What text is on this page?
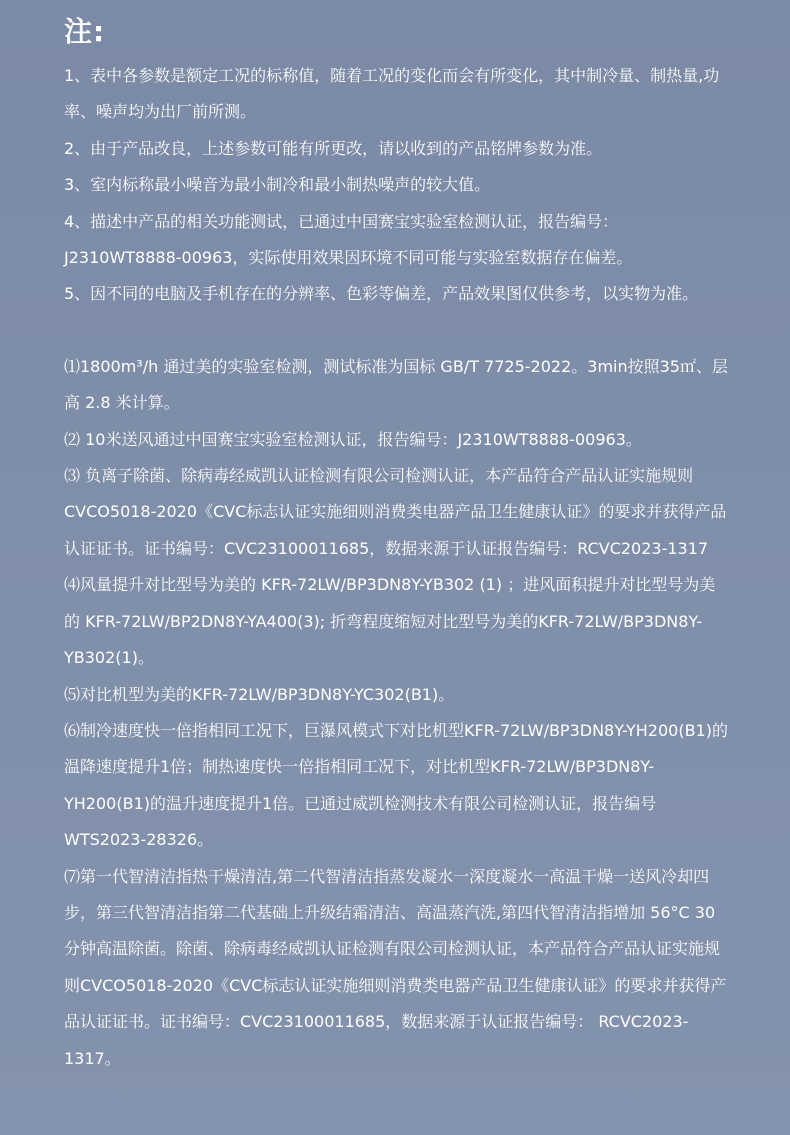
注:
1、表中各参数是额定工况的标称值，随着工况的变化而会有所变化，其中制冷量、制热量,功率、噪声均为出厂前所测。
2、由于产品改良，上述参数可能有所更改，请以收到的产品铭牌参数为准。
3、室内标称最小噪音为最小制冷和最小制热噪声的较大值。
4、描述中产品的相关功能测试，已通过中国赛宝实验室检测认证，报告编号：J2310WT8888-00963，实际使用效果因环境不同可能与实验室数据存在偏差。
5、因不同的电脑及手机存在的分辨率、色彩等偏差，产品效果图仅供参考，以实物为准。
⑴1800m³/h 通过美的实验室检测，测试标准为国标 GB/T 7725-2022。3min按照35㎡、层高 2.8 米计算。
⑵ 10米送风通过中国赛宝实验室检测认证，报告编号：J2310WT8888-00963。
⑶ 负离子除菌、除病毒经威凯认证检测有限公司检测认证，本产品符合产品认证实施规则CVCO5018-2020《CVC标志认证实施细则消费类电器产品卫生健康认证》的要求并获得产品认证证书。证书编号：CVC23100011685，数据来源于认证报告编号：RCVC2023-1317
⑷风量提升对比型号为美的 KFR-72LW/BP3DN8Y-YB302 (1) ；进风面积提升对比型号为美的 KFR-72LW/BP2DN8Y-YA400(3); 折弯程度缩短对比型号为美的KFR-72LW/BP3DN8Y-YB302(1)。
⑸对比机型为美的KFR-72LW/BP3DN8Y-YC302(B1)。
⑹制冷速度快一倍指相同工况下，巨瀑风模式下对比机型KFR-72LW/BP3DN8Y-YH200(B1)的温降速度提升1倍；制热速度快一倍指相同工况下，对比机型KFR-72LW/BP3DN8Y-YH200(B1)的温升速度提升1倍。已通过威凯检测技术有限公司检测认证，报告编号WTS2023-28326。
⑺第一代智清洁指热干燥清洁,第二代智清洁指蒸发凝水一深度凝水一高温干燥一送风冷却四步，第三代智清洁指第二代基础上升级结霜清洁、高温蒸汽洗,第四代智清洁指增加 56°C 30 分钟高温除菌。除菌、除病毒经威凯认证检测有限公司检测认证，本产品符合产品认证实施规则CVCO5018-2020《CVC标志认证实施细则消费类电器产品卫生健康认证》的要求并获得产品认证证书。证书编号：CVC23100011685，数据来源于认证报告编号： RCVC2023-1317。
